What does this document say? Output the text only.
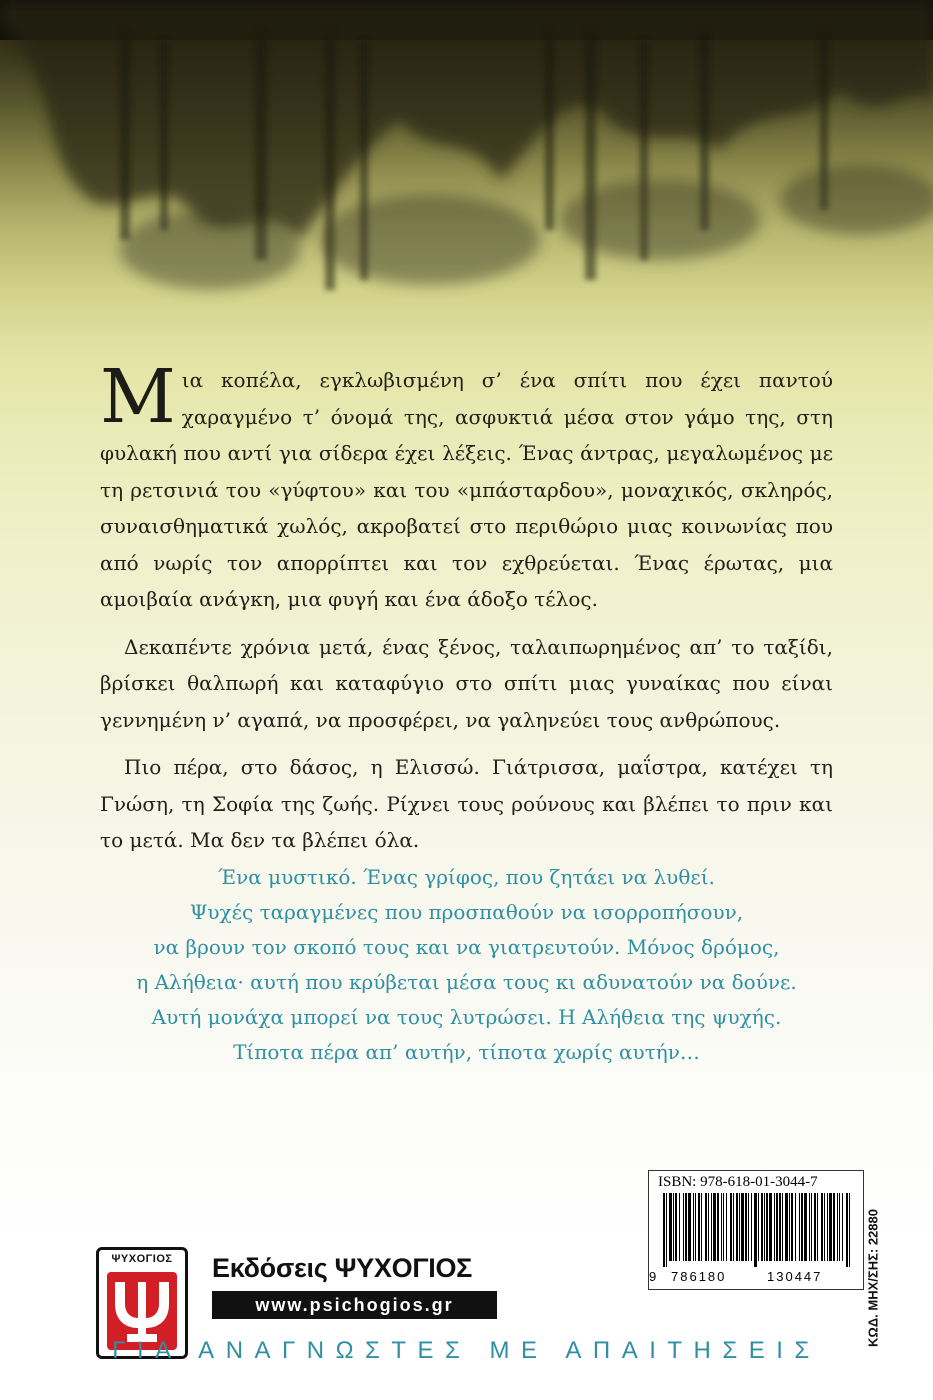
Μια κοπέλα, εγκλωβισμένη σ’ ένα σπίτι που έχει παντού χαραγμένο τ’ όνομά της, ασφυκτιά μέσα στον γάμο της, στη φυλακή που αντί για σίδερα έχει λέξεις. Ένας άντρας, μεγαλωμένος με τη ρετσινιά του «γύφτου» και του «μπάσταρδου», μοναχικός, σκληρός, συναισθηματικά χωλός, ακροβατεί στο περιθώριο μιας κοινωνίας που από νωρίς τον απορρίπτει και τον εχθρεύεται. Ένας έρωτας, μια αμοιβαία ανάγκη, μια φυγή και ένα άδοξο τέλος.

Δεκαπέντε χρόνια μετά, ένας ξένος, ταλαιπωρημένος απ’ το ταξίδι, βρίσκει θαλπωρή και καταφύγιο στο σπίτι μιας γυναίκας που είναι γεννημένη ν’ αγαπά, να προσφέρει, να γαληνεύει τους ανθρώπους.

Πιο πέρα, στο δάσος, η Ελισσώ. Γιάτρισσα, μαΐστρα, κατέχει τη Γνώση, τη Σοφία της ζωής. Ρίχνει τους ρούνους και βλέπει το πριν και το μετά. Μα δεν τα βλέπει όλα.

Ένα μυστικό. Ένας γρίφος, που ζητάει να λυθεί.
Ψυχές ταραγμένες που προσπαθούν να ισορροπήσουν,
να βρουν τον σκοπό τους και να γιατρευτούν. Μόνος δρόμος,
η Αλήθεια· αυτή που κρύβεται μέσα τους κι αδυνατούν να δούνε.
Αυτή μονάχα μπορεί να τους λυτρώσει. Η Αλήθεια της ψυχής.
Τίποτα πέρα απ’ αυτήν, τίποτα χωρίς αυτήν…
ISBN: 978-618-01-3044-7
9 786180	130447	ΚΩΔ. ΜΗΧ/ΣΗΣ: 22880
ΨΥΧΟΓΙΟΣ	Εκδόσεις ΨΥΧΟΓΙΟΣ
www.psichogios.gr
ΓΙΑ ΑΝΑΓΝΩΣΤΕΣ ΜΕ ΑΠΑΙΤΗΣΕΙΣ
